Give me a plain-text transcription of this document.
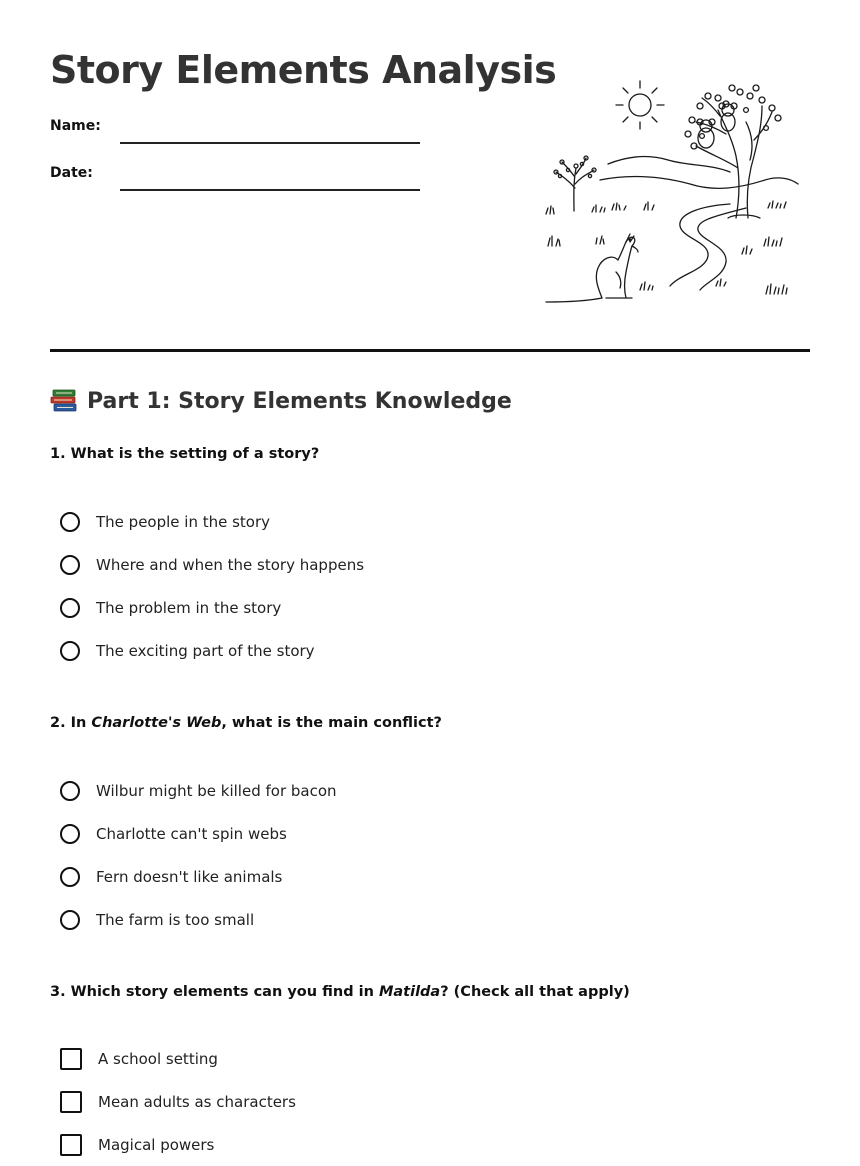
Story Elements Analysis
Name:
Date:
Part 1: Story Elements Knowledge

1. What is the setting of a story?

The people in the story
Where and when the story happens
The problem in the story
The exciting part of the story

2. In Charlotte's Web, what is the main conflict?

Wilbur might be killed for bacon
Charlotte can't spin webs
Fern doesn't like animals
The farm is too small

3. Which story elements can you find in Matilda? (Check all that apply)

A school setting
Mean adults as characters
Magical powers
